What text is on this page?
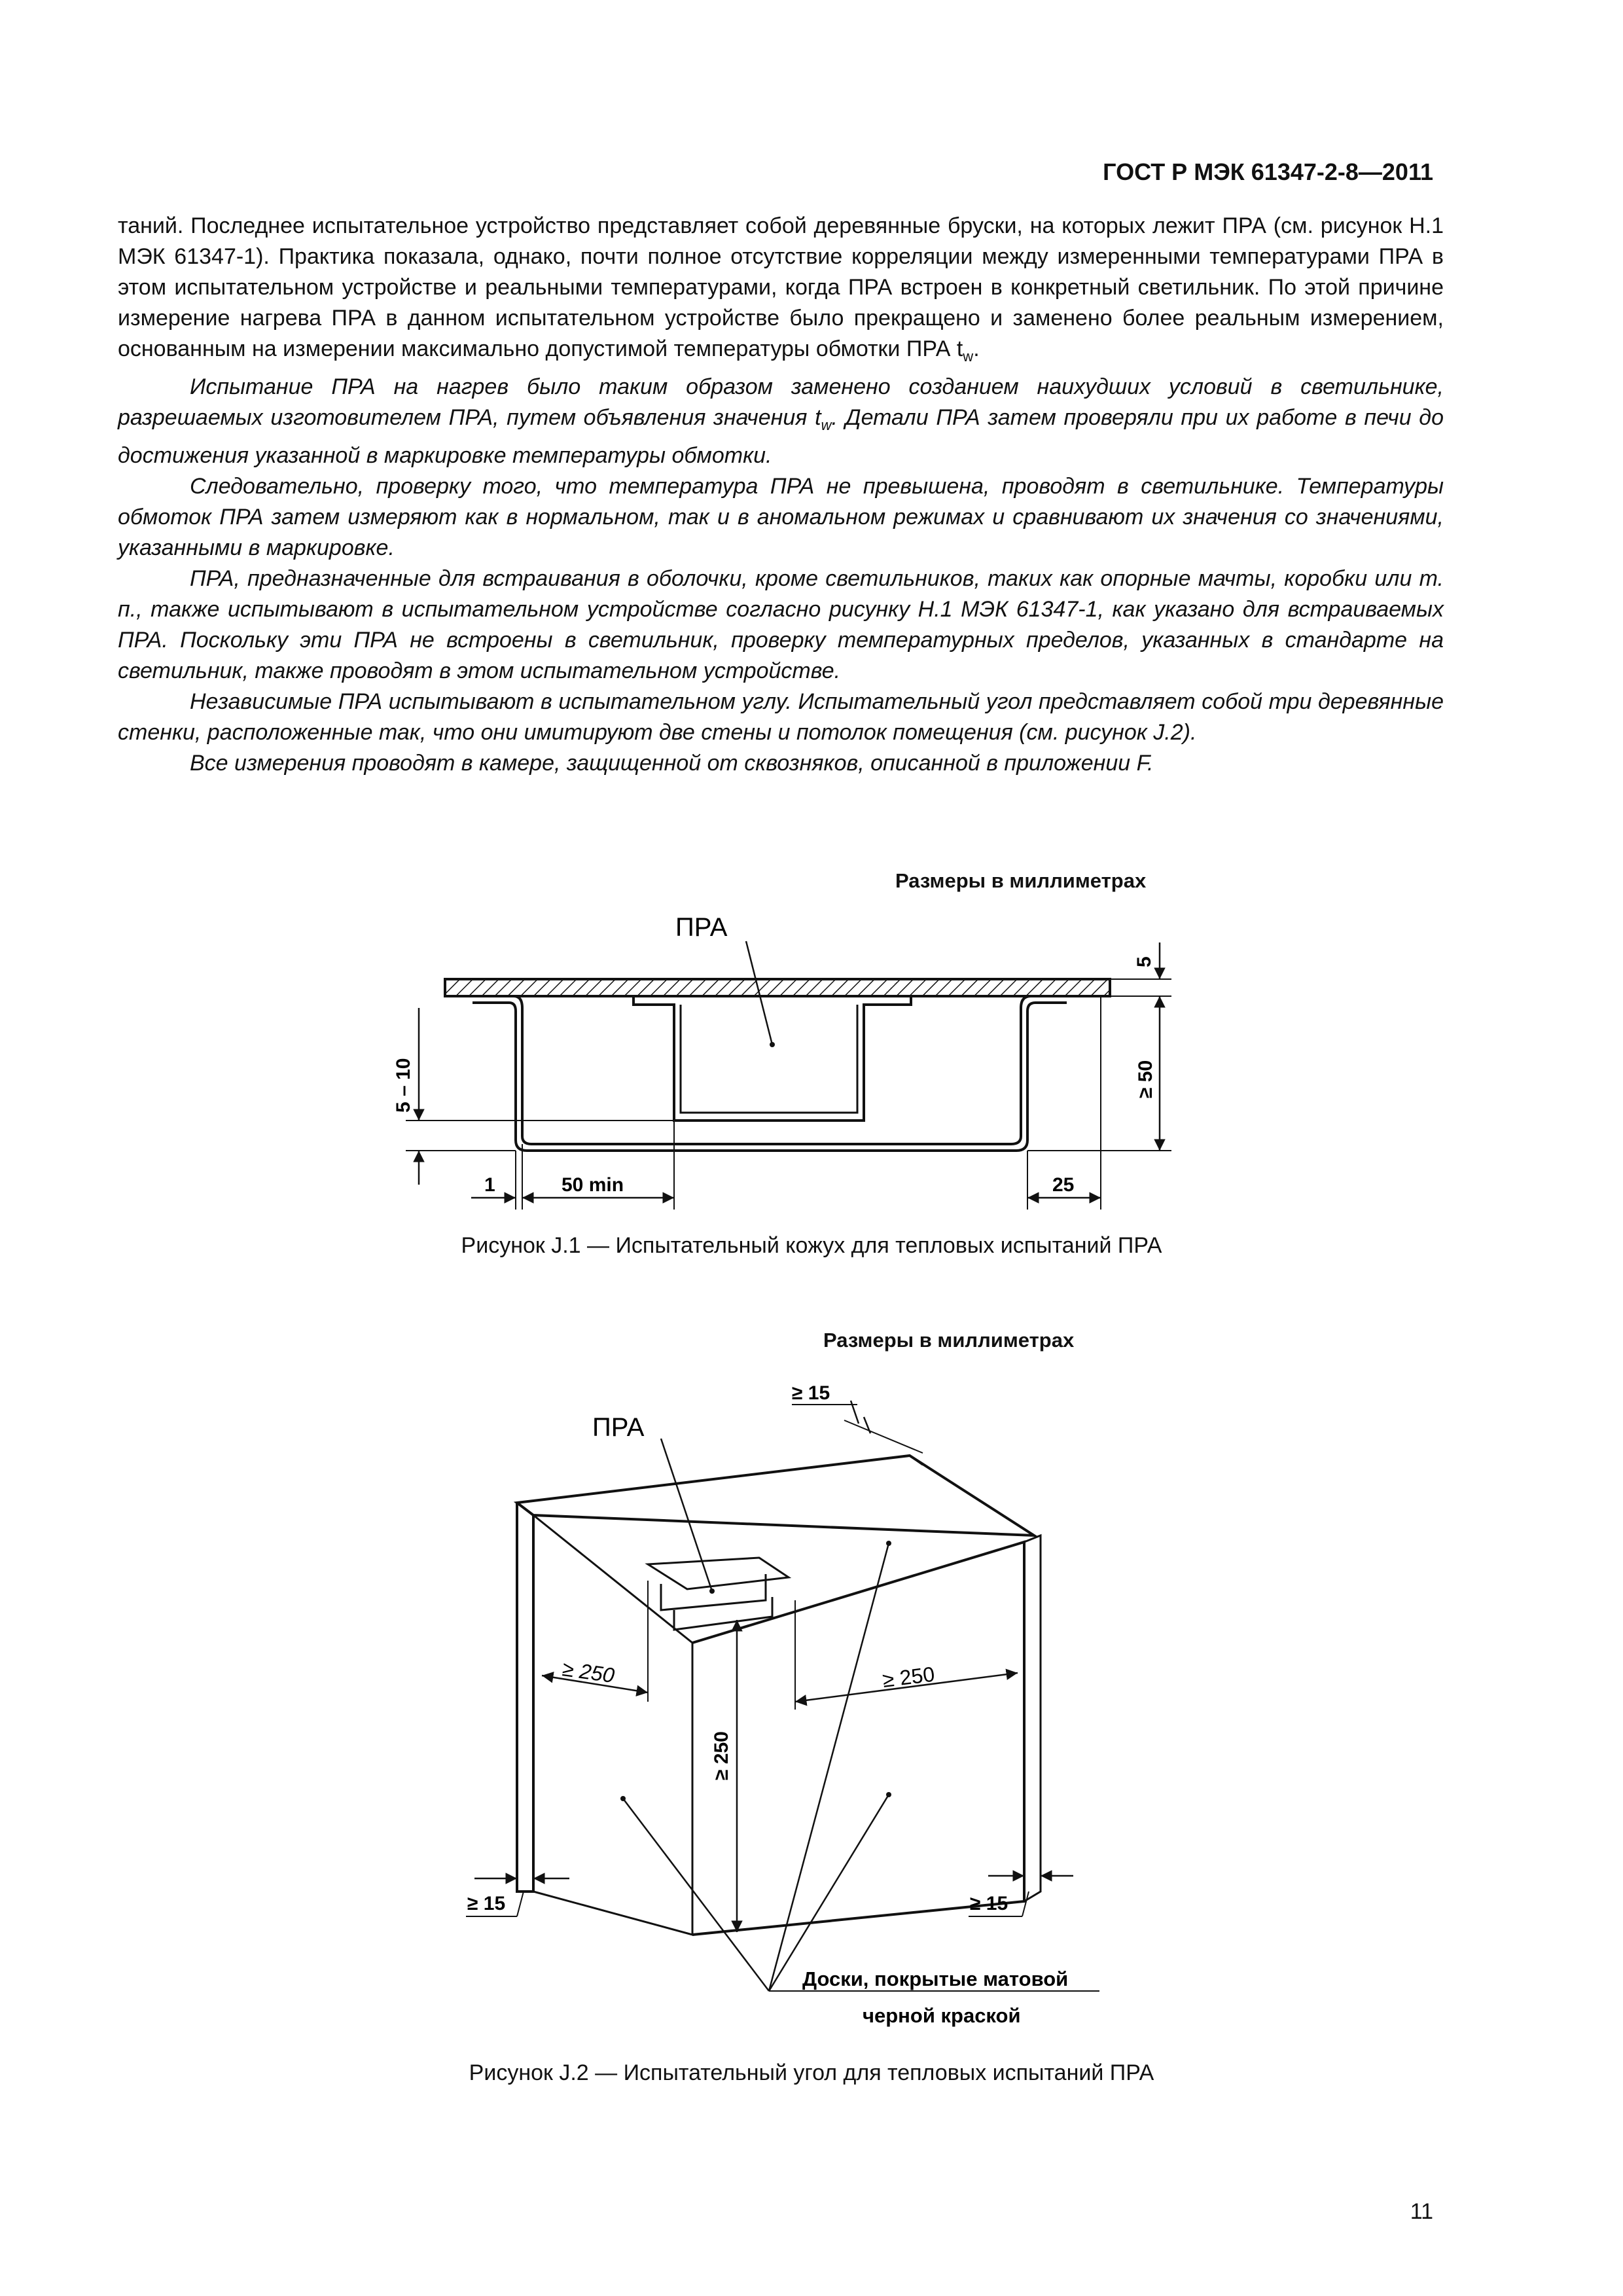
ГОСТ Р МЭК 61347-2-8—2011

таний. Последнее испытательное устройство представляет собой деревянные бруски, на которых лежит ПРА (см. рисунок H.1 МЭК 61347-1). Практика показала, однако, почти полное отсутствие корреляции между измеренными температурами ПРА в этом испытательном устройстве и реальными температурами, когда ПРА встроен в конкретный светильник. По этой причине измерение нагрева ПРА в данном испытательном устройстве было прекращено и заменено более реальным измерением, основанным на измерении максимально допустимой температуры обмотки ПРА $t_w$.

Испытание ПРА на нагрев было таким образом заменено созданием наихудших условий в светильнике, разрешаемых изготовителем ПРА, путем объявления значения $t_w$. Детали ПРА затем проверяли при их работе в печи до достижения указанной в маркировке температуры обмотки.

Следовательно, проверку того, что температура ПРА не превышена, проводят в светильнике. Температуры обмоток ПРА затем измеряют как в нормальном, так и в аномальном режимах и сравнивают их значения со значениями, указанными в маркировке.

ПРА, предназначенные для встраивания в оболочки, кроме светильников, таких как опорные мачты, коробки или т. п., также испытывают в испытательном устройстве согласно рисунку H.1 МЭК 61347-1, как указано для встраиваемых ПРА. Поскольку эти ПРА не встроены в светильник, проверку температурных пределов, указанных в стандарте на светильник, также проводят в этом испытательном устройстве.

Независимые ПРА испытывают в испытательном углу. Испытательный угол представляет собой три деревянные стенки, расположенные так, что они имитируют две стены и потолок помещения (см. рисунок J.2).

Все измерения проводят в камере, защищенной от сквозняков, описанной в приложении F.

Размеры в миллиметрах
ПРА
5
≥ 50
5 – 10
1	50 min	25
Рисунок J.1 — Испытательный кожух для тепловых испытаний ПРА
Размеры в миллиметрах
ПРА
≥ 15
≥ 250	≥ 250
≥ 250
≥ 15	≥ 15
Доски, покрытые матовой
черной краской
Рисунок J.2 — Испытательный угол для тепловых испытаний ПРА
11
